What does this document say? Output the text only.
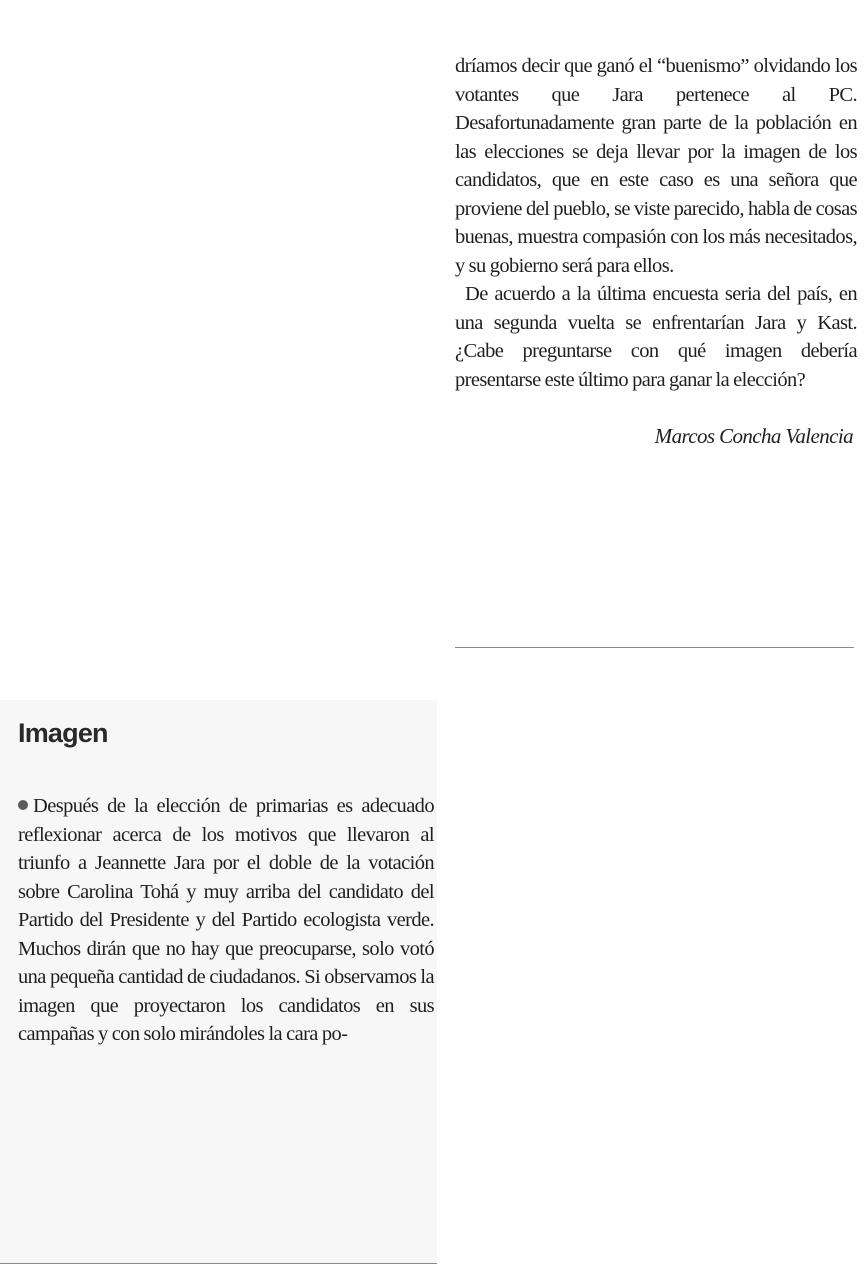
dríamos decir que ganó el “buenismo” olvidando los votantes que Jara pertenece al PC. Desafortunadamente gran parte de la población en las elecciones se deja llevar por la imagen de los candidatos, que en este caso es una señora que proviene del pueblo, se viste parecido, habla de cosas buenas, muestra compasión con los más necesitados, y su gobierno será para ellos.

De acuerdo a la última encuesta seria del país, en una segunda vuelta se enfrentarían Jara y Kast. ¿Cabe preguntarse con qué imagen debería presentarse este último para ganar la elección?

Marcos Concha Valencia
Imagen

Después de la elección de primarias es adecuado reflexionar acerca de los motivos que llevaron al triunfo a Jeannette Jara por el doble de la votación sobre Carolina Tohá y muy arriba del candidato del Partido del Presidente y del Partido ecologista verde. Muchos dirán que no hay que preocuparse, solo votó una pequeña cantidad de ciudadanos. Si observamos la imagen que proyectaron los candidatos en sus campañas y con solo mirándoles la cara po-
